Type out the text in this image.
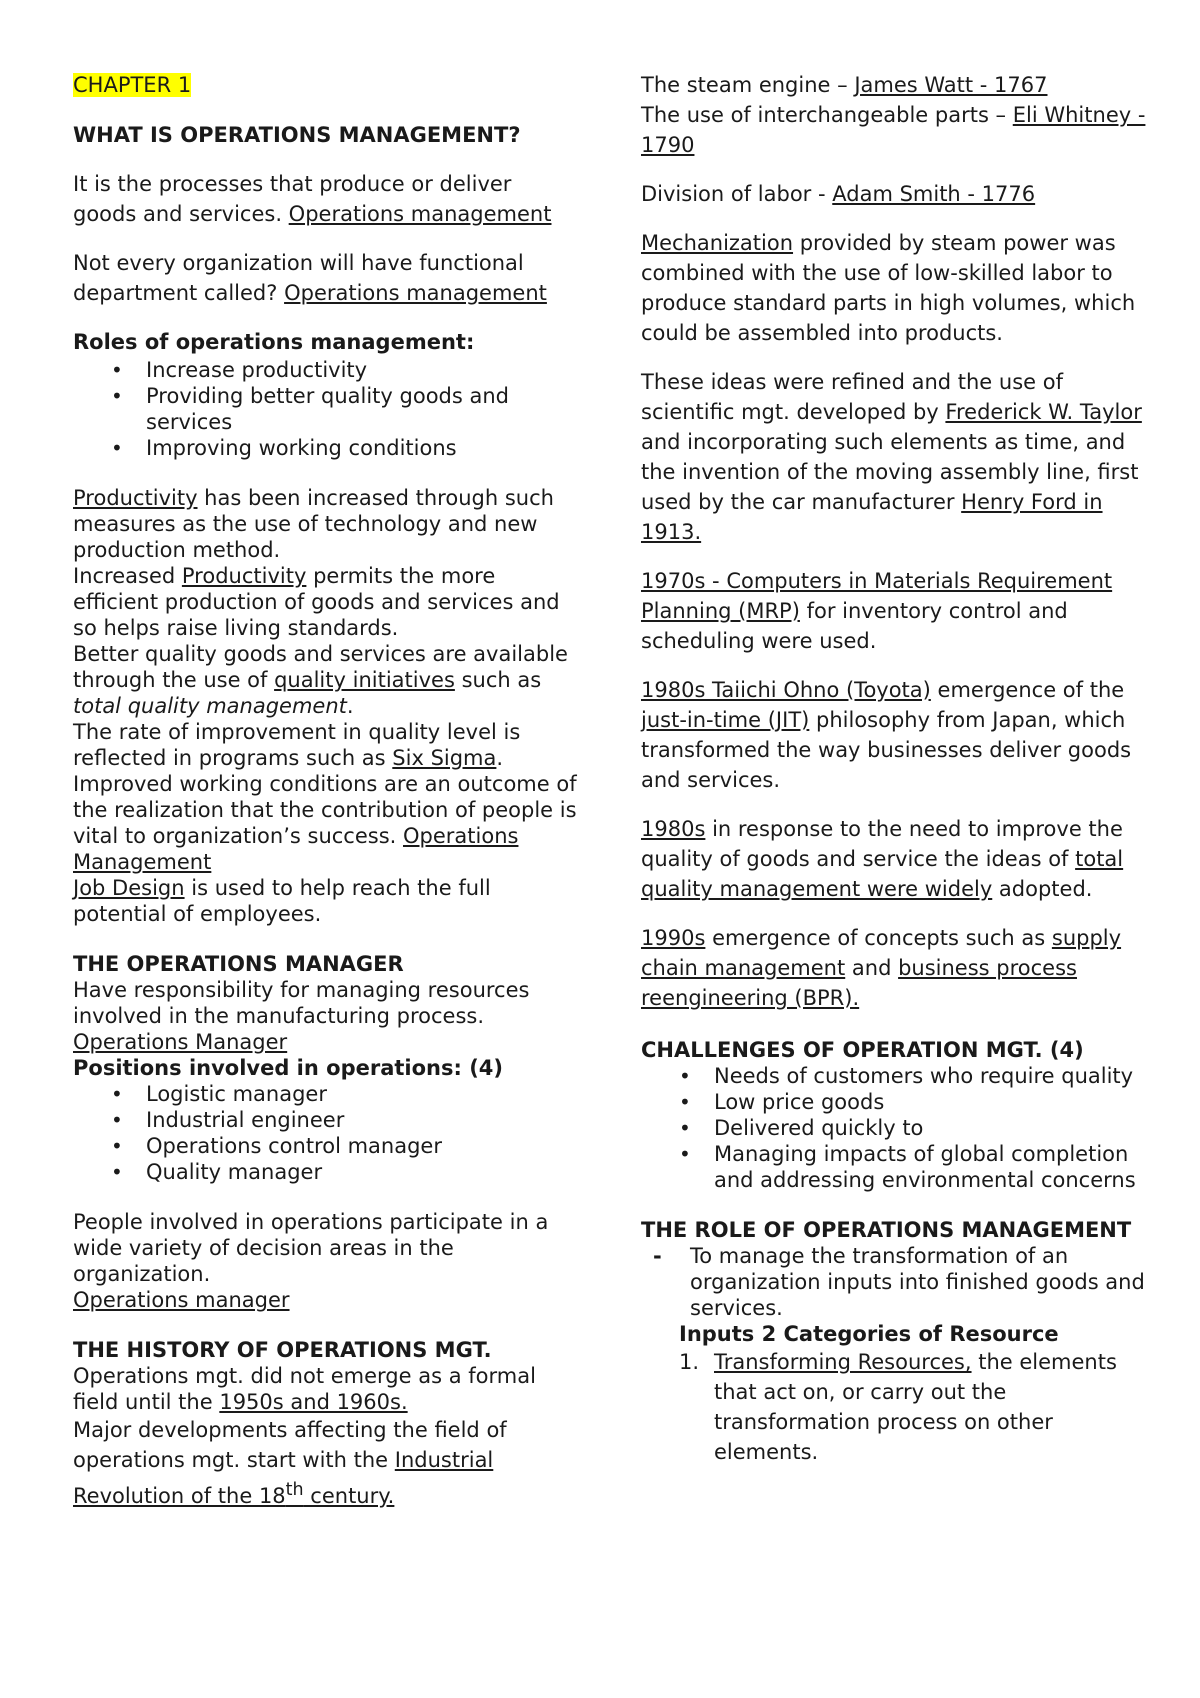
CHAPTER 1

WHAT IS OPERATIONS MANAGEMENT?

It is the processes that produce or deliver goods and services. Operations management

Not every organization will have functional department called? Operations management

Roles of operations management:

• Increase productivity
• Providing better quality goods and services
• Improving working conditions

Productivity has been increased through such measures as the use of technology and new production method.

Increased Productivity permits the more efficient production of goods and services and so helps raise living standards.

Better quality goods and services are available through the use of quality initiatives such as total quality management.

The rate of improvement in quality level is reflected in programs such as Six Sigma.

Improved working conditions are an outcome of the realization that the contribution of people is vital to organization’s success. Operations Management

Job Design is used to help reach the full potential of employees.

THE OPERATIONS MANAGER

Have responsibility for managing resources involved in the manufacturing process.

Operations Manager

Positions involved in operations: (4)

• Logistic manager
• Industrial engineer
• Operations control manager
• Quality manager

People involved in operations participate in a wide variety of decision areas in the organization.

Operations manager

THE HISTORY OF OPERATIONS MGT.

Operations mgt. did not emerge as a formal field until the 1950s and 1960s.

Major developments affecting the field of operations mgt. start with the Industrial Revolution of the 18th century.

The steam engine – James Watt - 1767

The use of interchangeable parts – Eli Whitney - 1790

Division of labor - Adam Smith - 1776

Mechanization provided by steam power was combined with the use of low-skilled labor to produce standard parts in high volumes, which could be assembled into products.

These ideas were refined and the use of scientific mgt. developed by Frederick W. Taylor and incorporating such elements as time, and the invention of the moving assembly line, first used by the car manufacturer Henry Ford in 1913.

1970s - Computers in Materials Requirement Planning (MRP) for inventory control and scheduling were used.

1980s Taiichi Ohno (Toyota) emergence of the just-in-time (JIT) philosophy from Japan, which transformed the way businesses deliver goods and services.

1980s in response to the need to improve the quality of goods and service the ideas of total quality management were widely adopted.

1990s emergence of concepts such as supply chain management and business process reengineering (BPR).

CHALLENGES OF OPERATION MGT. (4)

• Needs of customers who require quality
• Low price goods
• Delivered quickly to
• Managing impacts of global completion and addressing environmental concerns

THE ROLE OF OPERATIONS MANAGEMENT

- To manage the transformation of an organization inputs into finished goods and services.

Inputs 2 Categories of Resource

1. Transforming Resources, the elements that act on, or carry out the transformation process on other elements.
